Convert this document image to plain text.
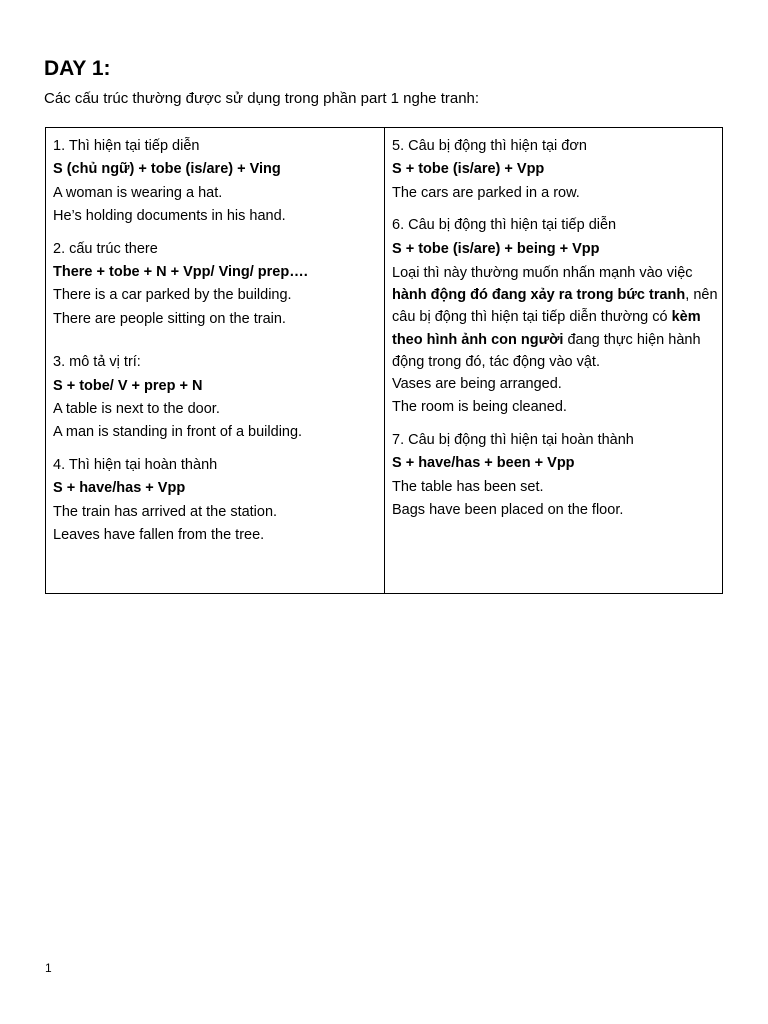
DAY 1:
Các cấu trúc thường được sử dụng trong phần part 1 nghe tranh:
1. Thì hiện tại tiếp diễn
S (chủ ngữ) + tobe (is/are) + Ving
A woman is wearing a hat.
He’s holding documents in his hand.
2. cấu trúc there
There + tobe + N + Vpp/ Ving/ prep….
There is a car parked by the building.
There are people sitting on the train.
3. mô tả vị trí:
S + tobe/ V + prep + N
A table is next to the door.
A man is standing in front of a building.
4. Thì hiện tại hoàn thành
S + have/has + Vpp
The train has arrived at the station.
Leaves have fallen from the tree.
5. Câu bị động thì hiện tại đơn
S + tobe (is/are) + Vpp
The cars are parked in a row.
6. Câu bị động thì hiện tại tiếp diễn
S + tobe (is/are) + being + Vpp
Loại thì này thường muốn nhấn mạnh vào việc hành động đó đang xảy ra trong bức tranh, nên câu bị động thì hiện tại tiếp diễn thường có kèm theo hình ảnh con người đang thực hiện hành động trong đó, tác động vào vật.
Vases are being arranged.
The room is being cleaned.
7. Câu bị động thì hiện tại hoàn thành
S + have/has + been + Vpp
The table has been set.
Bags have been placed on the floor.
1
